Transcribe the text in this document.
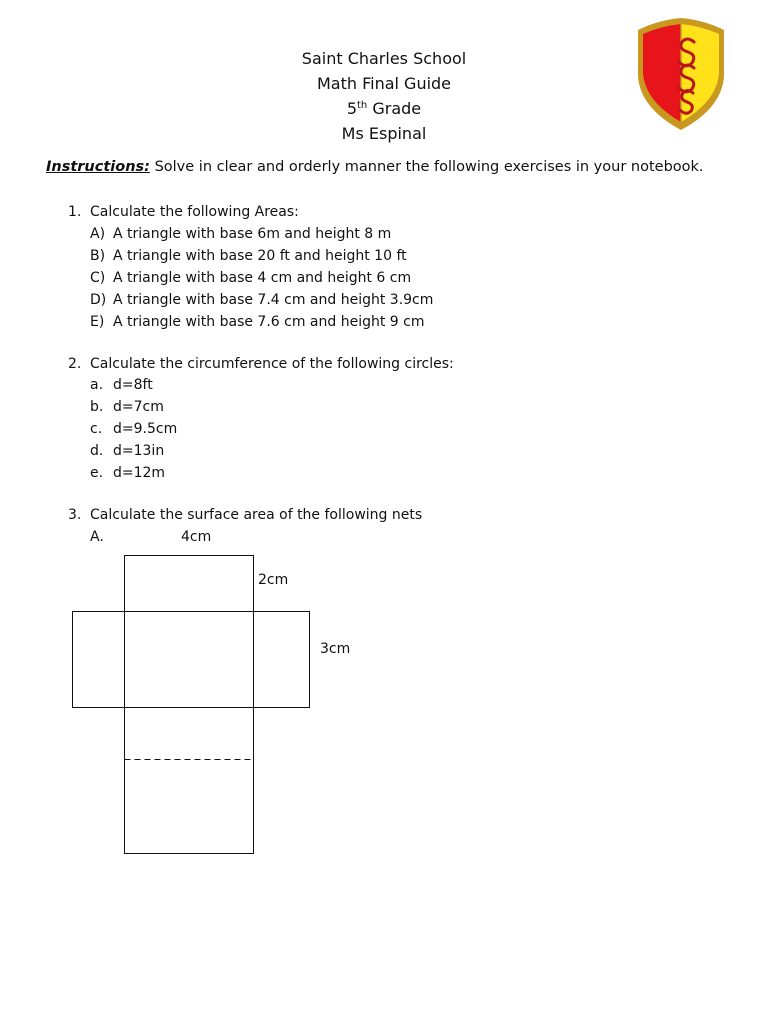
Saint Charles School
Math Final Guide
5th Grade
Ms Espinal
Instructions: Solve in clear and orderly manner the following exercises in your notebook.
1. Calculate the following Areas:
A) A triangle with base 6m and height 8 m
B) A triangle with base 20 ft and height 10 ft
C) A triangle with base 4 cm and height 6 cm
D) A triangle with base 7.4 cm and height 3.9cm
E) A triangle with base 7.6 cm and height 9 cm
2. Calculate the circumference of the following circles:
a. d=8ft
b. d=7cm
c. d=9.5cm
d. d=13in
e. d=12m
3. Calculate the surface area of the following nets
A.	4cm
2cm
3cm
